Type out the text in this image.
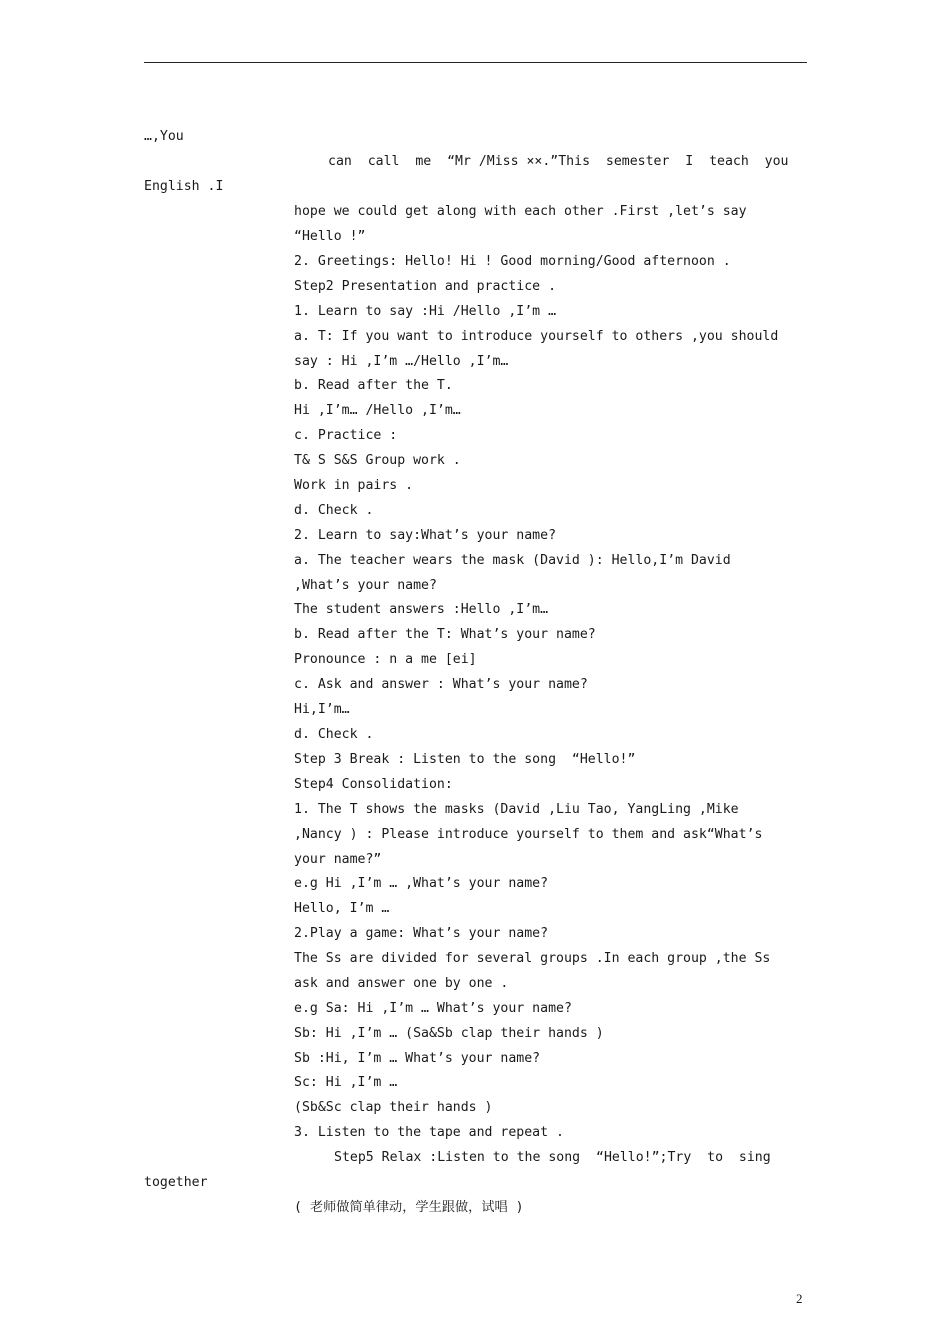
…,You
can  call  me  “Mr /Miss ××.”This  semester  I  teach  you
English .I
hope we could get along with each other .First ,let’s say
“Hello !”
2. Greetings: Hello! Hi ! Good morning/Good afternoon .
Step2 Presentation and practice .
1. Learn to say :Hi /Hello ,I’m …
a. T: If you want to introduce yourself to others ,you should
say : Hi ,I’m …/Hello ,I’m…
b. Read after the T.
Hi ,I’m… /Hello ,I’m…
c. Practice :
T& S S&S Group work .
Work in pairs .
d. Check .
2. Learn to say:What’s your name?
a. The teacher wears the mask (David ): Hello,I’m David
,What’s your name?
The student answers :Hello ,I’m…
b. Read after the T: What’s your name?
Pronounce : n a me [ei]
c. Ask and answer : What’s your name?
Hi,I’m…
d. Check .
Step 3 Break : Listen to the song  “Hello!”
Step4 Consolidation:
1. The T shows the masks (David ,Liu Tao, YangLing ,Mike
,Nancy ) : Please introduce yourself to them and ask“What’s
your name?”
e.g Hi ,I’m … ,What’s your name?
Hello, I’m …
2.Play a game: What’s your name?
The Ss are divided for several groups .In each group ,the Ss
ask and answer one by one .
e.g Sa: Hi ,I’m … What’s your name?
Sb: Hi ,I’m … (Sa&Sb clap their hands )
Sb :Hi, I’m … What’s your name?
Sc: Hi ,I’m …
(Sb&Sc clap their hands )
3. Listen to the tape and repeat .
Step5 Relax :Listen to the song  “Hello!”;Try  to  sing
together
( 老师做简单律动，学生跟做，试唱 )
2
